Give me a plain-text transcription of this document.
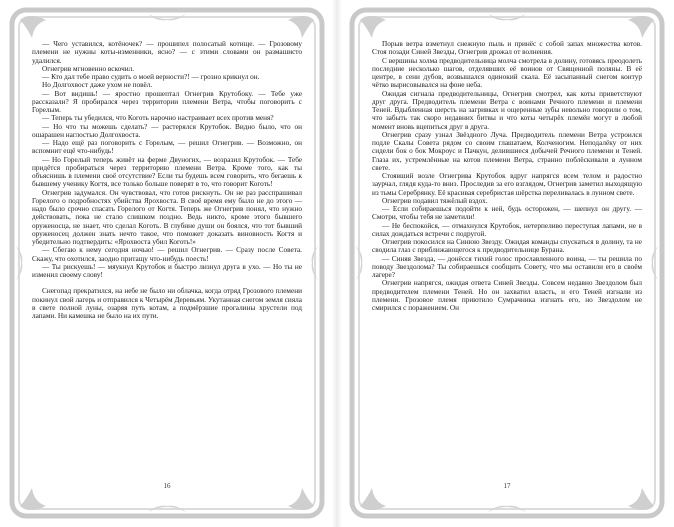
— Чего уставился, котёночек? — прошипел полосатый котище. — Грозовому племени не нужны коты-изменники, ясно? — с этими словами он размашисто удалился.

Огнегрив мгновенно вскочил.

— Кто дал тебе право судить о моей верности?! — грозно крикнул он.

Но Долгохвост даже ухом не повёл.

— Вот видишь! — яростно прошептал Огнегрив Крутобоку. — Тебе уже рассказали? Я пробирался через территории племени Ветра, чтобы поговорить с Горелым.

— Теперь ты убедился, что Коготь нарочно настраивает всех против меня?

— Но что ты можешь сделать? — растерялся Крутобок. Видно было, что он ошарашен наглостью Долгохвоста.

— Надо ещё раз поговорить с Горелым, — решил Огнегрив. — Возможно, он вспомнит ещё что-нибудь!

— Но Горелый теперь живёт на ферме Двуногих, — возразил Крутобок. — Тебе придётся пробираться через территорию племени Ветра. Кроме того, как ты объяснишь в племени своё отсутствие? Если ты будешь всем говорить, что бегаешь к бывшему ученику Когтя, все только больше поверят в то, что говорит Коготь!

Огнегрив задумался. Он чувствовал, что готов рискнуть. Он не раз расспрашивал Горелого о подробностях убийства Ярохвоста. В своё время ему было не до этого — надо было срочно спасать Горелого от Когтя. Теперь же Огнегрив понял, что нужно действовать, пока не стало слишком поздно. Ведь никто, кроме этого бывшего оруженосца, не знает, что сделал Коготь. В глубине души он боялся, что тот бывший оруженосец должен знать нечто такое, что поможет доказать виновность Когтя и убедительно подтвердить: «Ярохвоста убил Коготь!»

— Сбегаю к нему сегодня ночью! — решил Огнегрив. — Сразу после Совета. Скажу, что охотился, заодно притащу что-нибудь поесть!

— Ты рискуешь! — мяукнул Крутобок и быстро лизнул друга в ухо. — Но ты не изменил своему слову!

Снегопад прекратился, на небе не было ни облачка, когда отряд Грозового племени покинул свой лагерь и отправился к Четырём Деревьям. Укутанная снегом земля сияла в свете полной луны, озаряя путь котам, а подмёрзшие прогалины хрустели под лапами. Ни камешка не было на их пути.

16

Порыв ветра взметнул снежную пыль и принёс с собой запах множества котов. Стоя позади Синей Звезды, Огнегрив дрожал от волнения.

С вершины холма предводительница молча смотрела в долину, готовясь преодолеть последние несколько шагов, отделявших её воинов от Священной поляны. В её центре, в сени дубов, возвышался одинокий скала. Её засыпанный снегом контур чётко вырисовывался на фоне неба.

Ожидая сигнала предводительницы, Огнегрив смотрел, как коты приветствуют друг друга. Предводитель племени Ветра с воинами Речного племени и племени Теней. Вдыбленная шерсть на загривках и ощеренные зубы невольно говорили о том, что забыть так скоро недавних битвы и что коты четырёх племён могут в любой момент вновь вцепиться друг в друга.

Огнегрив сразу узнал Звёздного Луча. Предводитель племени Ветра устроился подле Скалы Совета рядом со своим глашатаем, Колченогим. Неподалёку от них сидели бок о бок Мокроус и Пачкун, делившиеся добычей Речного племени и Теней. Глаза их, устремлённые на котов племени Ветра, странно поблёскивали в лунном свете.

Стоявший возле Огнегрива Крутобок вдруг напрягся всем телом и радостно заурчал, глядя куда-то вниз. Проследив за его взглядом, Огнегрив заметил выходящую из тьмы Серебрянку. Её красивая серебристая шёрстка переливалась в лунном свете.

Огнегрив подавил тяжёлый вздох.

— Если собираешься подойти к ней, будь осторожен, — шепнул он другу. — Смотри, чтобы тебя не заметили!

— Не беспокойся, — отмахнулся Крутобок, нетерпеливо переступая лапами, не в силах дождаться встречи с подругой.

Огнегрив покосился на Синюю Звезду. Ожидая команды спускаться в долину, та не сводила глаз с приближающегося к предводительнице Бурана.

— Синяя Звезда, — донёсся тихий голос прославленного воина, — ты решила по поводу Звездолома? Ты собираешься сообщить Совету, что мы оставили его в своём лагере?

Огнегрив напрягся, ожидая ответа Синей Звезды. Совсем недавно Звездолом был предводителем племени Теней. Но он захватил власть, и его Теней изгнали из племени. Грозовое племя приютило Сумрачника изгнать его, но Звездолом не смирился с поражением. Он

17
